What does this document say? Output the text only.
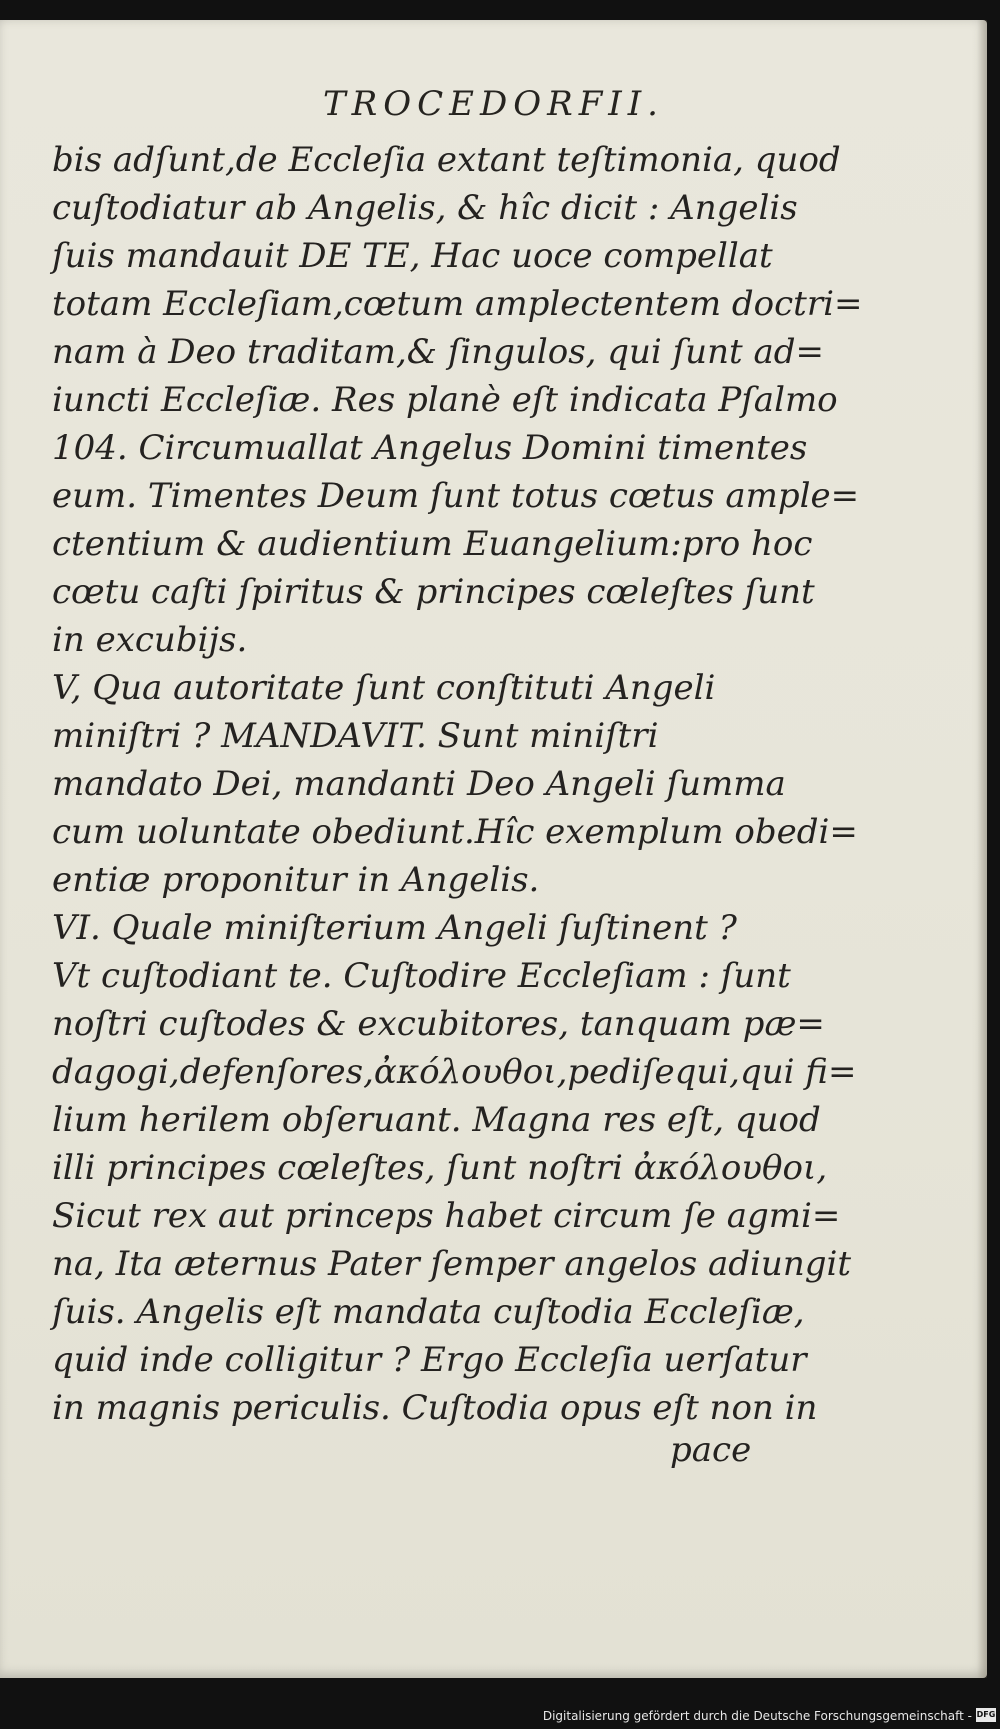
TROCEDORFII.
bis adſunt,de Eccleſia extant teſtimonia, quod
cuſtodiatur ab Angelis, & hîc dicit : Angelis
ſuis mandauit DE TE, Hac uoce compellat
totam Eccleſiam,cœtum amplectentem doctri=
nam à Deo traditam,& ſingulos, qui ſunt ad=
iuncti Eccleſiæ. Res planè eſt indicata Pſalmo
104. Circumuallat Angelus Domini timentes
eum. Timentes Deum ſunt totus cœtus ample=
ctentium & audientium Euangelium:pro hoc
cœtu caſti ſpiritus & principes cœleſtes ſunt
in excubijs.
V, Qua autoritate ſunt conſtituti Angeli
miniſtri ? MANDAVIT. Sunt miniſtri
mandato Dei, mandanti Deo Angeli ſumma
cum uoluntate obediunt.Hîc exemplum obedi=
entiæ proponitur in Angelis.
VI. Quale miniſterium Angeli ſuſtinent ?
Vt cuſtodiant te. Cuſtodire Eccleſiam : ſunt
noſtri cuſtodes & excubitores, tanquam pæ=
dagogi,defenſores,ἀκόλουθοι,pediſequi,qui fi=
lium herilem obſeruant. Magna res eſt, quod
illi principes cœleſtes, ſunt noſtri ἀκόλουθοι,
Sicut rex aut princeps habet circum ſe agmi=
na, Ita æternus Pater ſemper angelos adiungit
ſuis. Angelis eſt mandata cuſtodia Eccleſiæ,
quid inde colligitur ? Ergo Eccleſia uerſatur
in magnis periculis. Cuſtodia opus eſt non in
pace
Digitalisierung gefördert durch die Deutsche Forschungsgemeinschaft - DFG
